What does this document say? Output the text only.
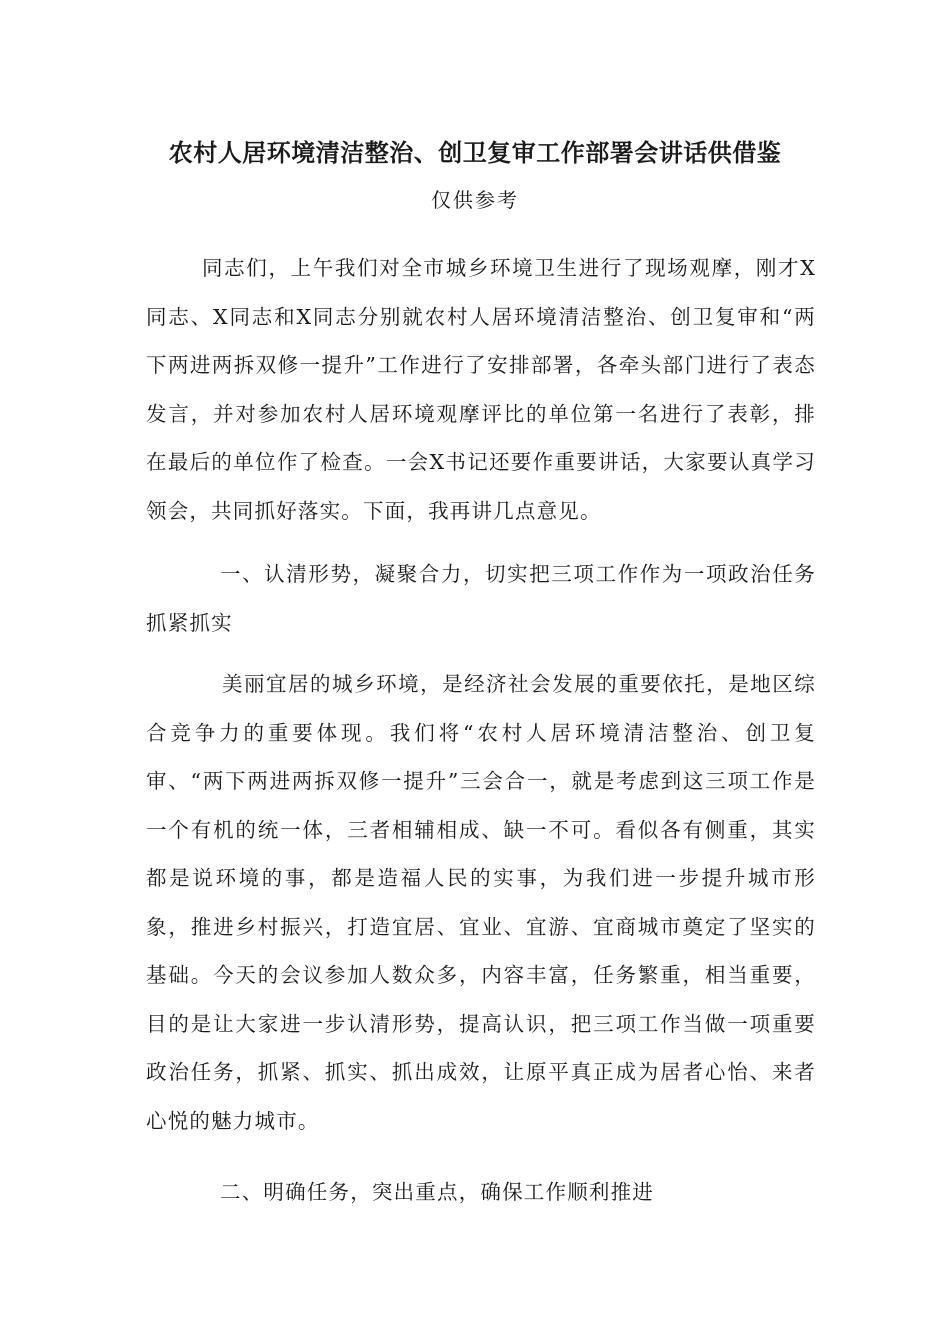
农村人居环境清洁整治、创卫复审工作部署会讲话供借鉴
仅供参考
同志们，上午我们对全市城乡环境卫生进行了现场观摩，刚才X同志、X同志和X同志分别就农村人居环境清洁整治、创卫复审和“两下两进两拆双修一提升”工作进行了安排部署，各牵头部门进行了表态发言，并对参加农村人居环境观摩评比的单位第一名进行了表彰，排在最后的单位作了检查。一会X书记还要作重要讲话，大家要认真学习领会，共同抓好落实。下面，我再讲几点意见。
一、认清形势，凝聚合力，切实把三项工作作为一项政治任务抓紧抓实
美丽宜居的城乡环境，是经济社会发展的重要依托，是地区综合竞争力的重要体现。我们将“农村人居环境清洁整治、创卫复审、“两下两进两拆双修一提升”三会合一，就是考虑到这三项工作是一个有机的统一体，三者相辅相成、缺一不可。看似各有侧重，其实都是说环境的事，都是造福人民的实事，为我们进一步提升城市形象，推进乡村振兴，打造宜居、宜业、宜游、宜商城市奠定了坚实的基础。今天的会议参加人数众多，内容丰富，任务繁重，相当重要，目的是让大家进一步认清形势，提高认识，把三项工作当做一项重要政治任务，抓紧、抓实、抓出成效，让原平真正成为居者心怡、来者心悦的魅力城市。
二、明确任务，突出重点，确保工作顺利推进
